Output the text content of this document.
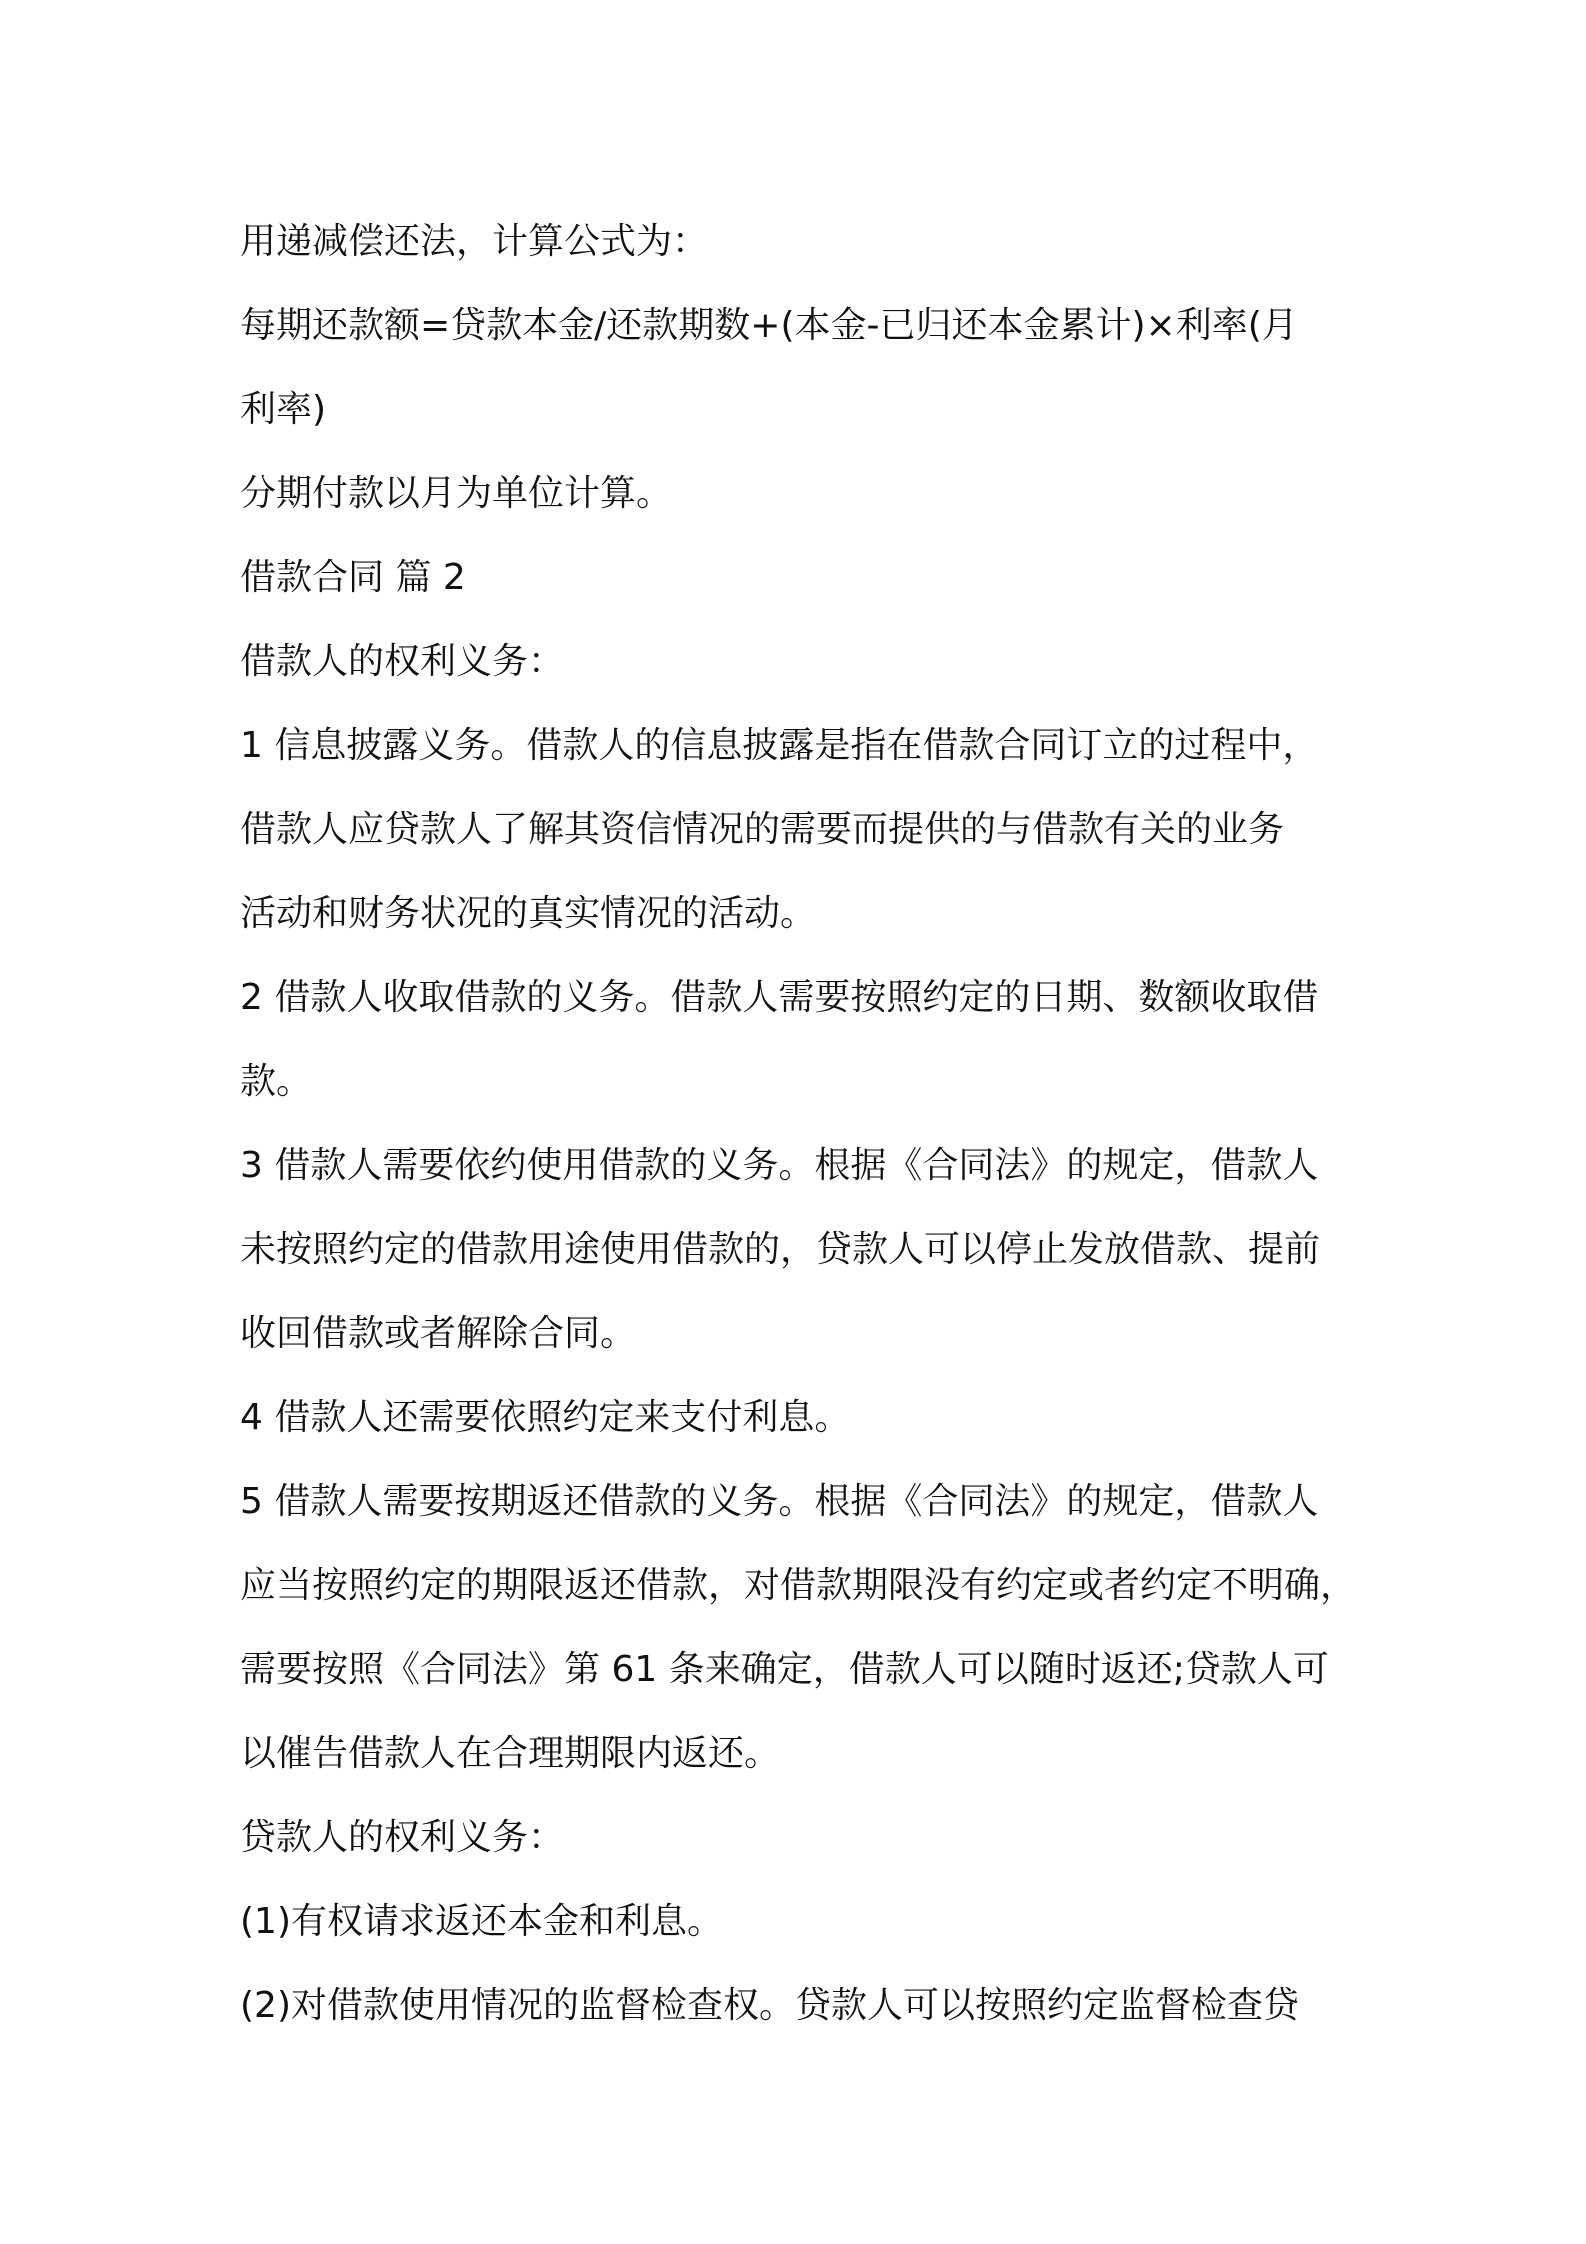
用递减偿还法，计算公式为：
每期还款额=贷款本金/还款期数+(本金-已归还本金累计)×利率(月
利率)
分期付款以月为单位计算。
借款合同 篇 2
借款人的权利义务：
1 信息披露义务。借款人的信息披露是指在借款合同订立的过程中，
借款人应贷款人了解其资信情况的需要而提供的与借款有关的业务
活动和财务状况的真实情况的活动。
2 借款人收取借款的义务。借款人需要按照约定的日期、数额收取借
款。
3 借款人需要依约使用借款的义务。根据《合同法》的规定，借款人
未按照约定的借款用途使用借款的，贷款人可以停止发放借款、提前
收回借款或者解除合同。
4 借款人还需要依照约定来支付利息。
5 借款人需要按期返还借款的义务。根据《合同法》的规定，借款人
应当按照约定的期限返还借款，对借款期限没有约定或者约定不明确，
需要按照《合同法》第 61 条来确定，借款人可以随时返还;贷款人可
以催告借款人在合理期限内返还。
贷款人的权利义务：
(1)有权请求返还本金和利息。
(2)对借款使用情况的监督检查权。贷款人可以按照约定监督检查贷
